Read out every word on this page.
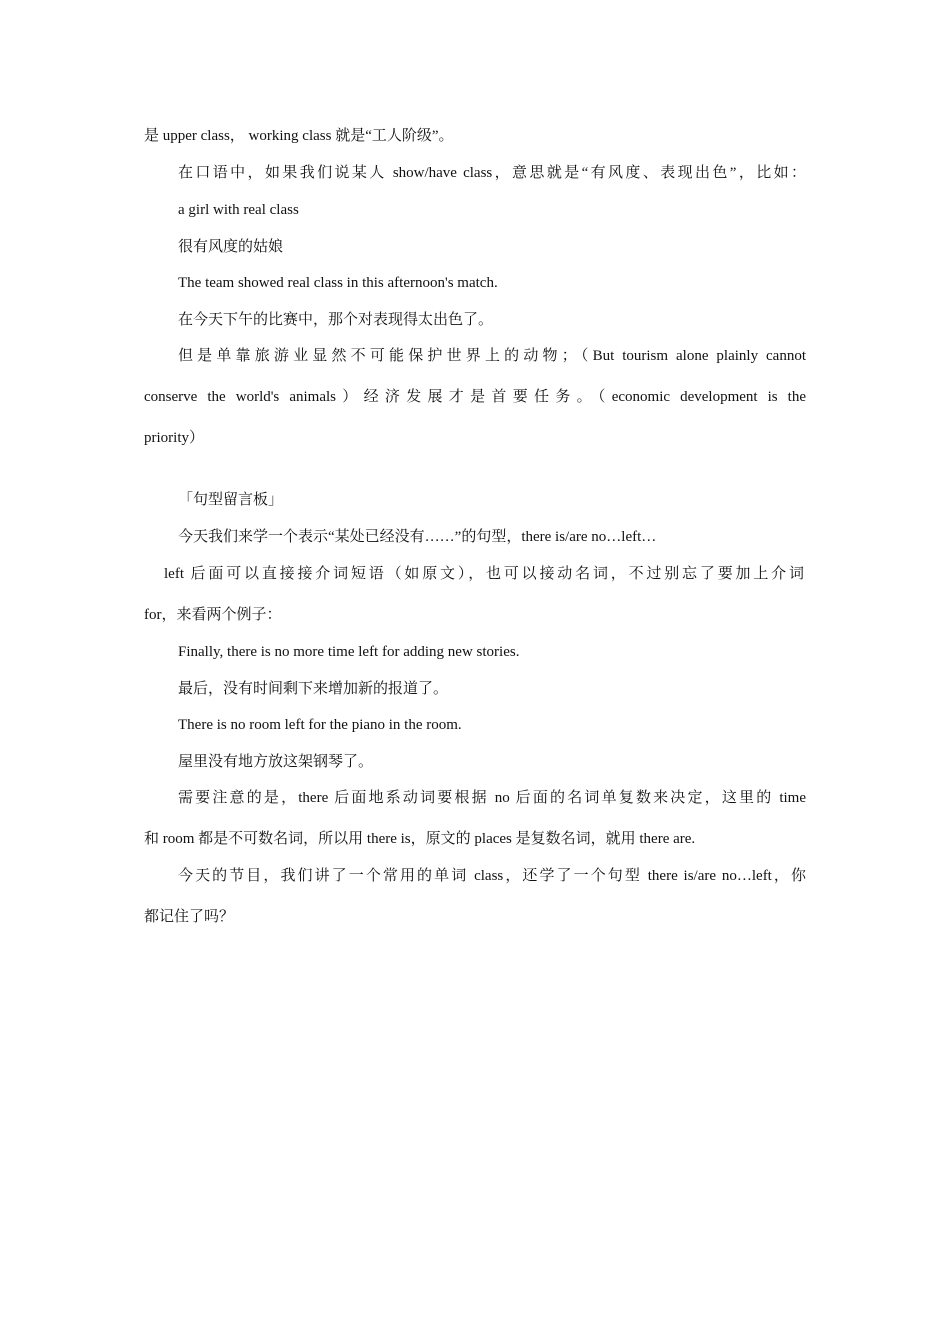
是 upper class， working class 就是“工人阶级”。
在口语中，如果我们说某人 show/have class，意思就是“有风度、表现出色”，比如：
a girl with real class
很有风度的姑娘
The team showed real class in this afternoon's match.
在今天下午的比赛中，那个对表现得太出色了。
但是单靠旅游业显然不可能保护世界上的动物；（But tourism alone plainly cannot
conserve the world's animals）经济发展才是首要任务。（economic development is the
priority）
「句型留言板」
今天我们来学一个表示“某处已经没有……”的句型，there is/are no…left…
left 后面可以直接接介词短语（如原文），也可以接动名词，不过别忘了要加上介词
for，来看两个例子：
Finally, there is no more time left for adding new stories.
最后，没有时间剩下来增加新的报道了。
There is no room left for the piano in the room.
屋里没有地方放这架钢琴了。
需要注意的是，there 后面地系动词要根据 no 后面的名词单复数来决定，这里的 time
和 room 都是不可数名词，所以用 there is，原文的 places 是复数名词，就用 there are.
今天的节目，我们讲了一个常用的单词 class，还学了一个句型 there is/are no…left，你
都记住了吗？
